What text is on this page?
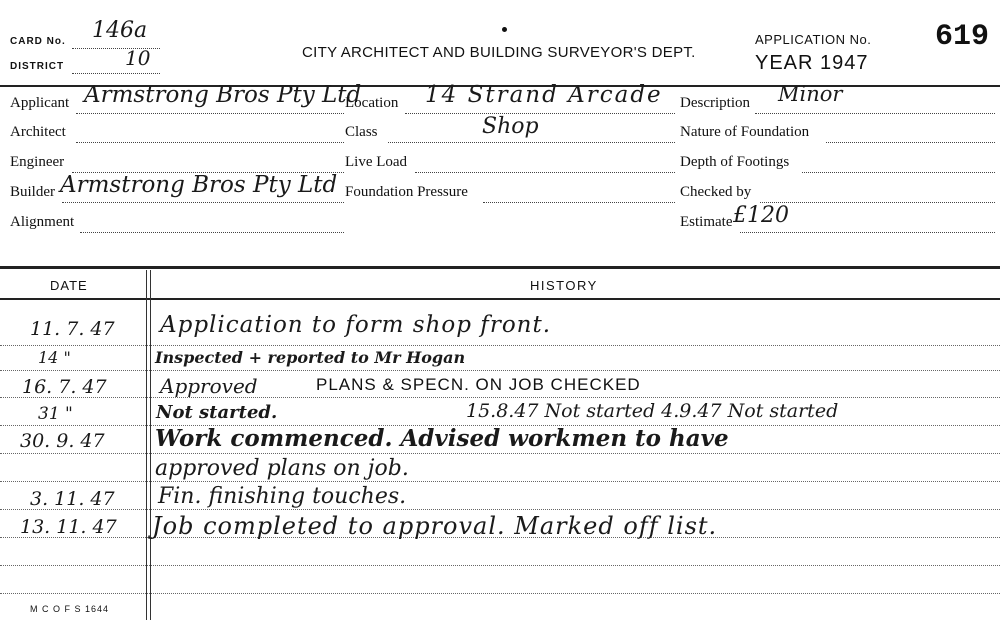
CARD No. 146a
DISTRICT	10	CITY ARCHITECT AND BUILDING SURVEYOR'S DEPT.
APPLICATION No. 619
YEAR 1947
Applicant Armstrong Bros Pty Ltd
Architect
Engineer
Builder Armstrong Bros Pty Ltd
Alignment
Location 14 Strand Arcade
Class	Shop
Live Load
Foundation Pressure
Description Minor
Nature of Foundation
Depth of Footings
Checked by
Estimate £120
DATE	HISTORY
11. 7. 47 Application to form shop front.
14 "	Inspected + reported to Mr Hogan
16. 7. 47	Approved	PLANS & SPECN. ON JOB CHECKED
31 "	Not started.	15.8.47 Not started 4.9.47 Not started
30. 9. 47 Work commenced. Advised workmen to have
approved plans on job.
3. 11. 47 Fin. finishing touches.
13. 11. 47 Job completed to approval. Marked off list.
M C O F S 1644
